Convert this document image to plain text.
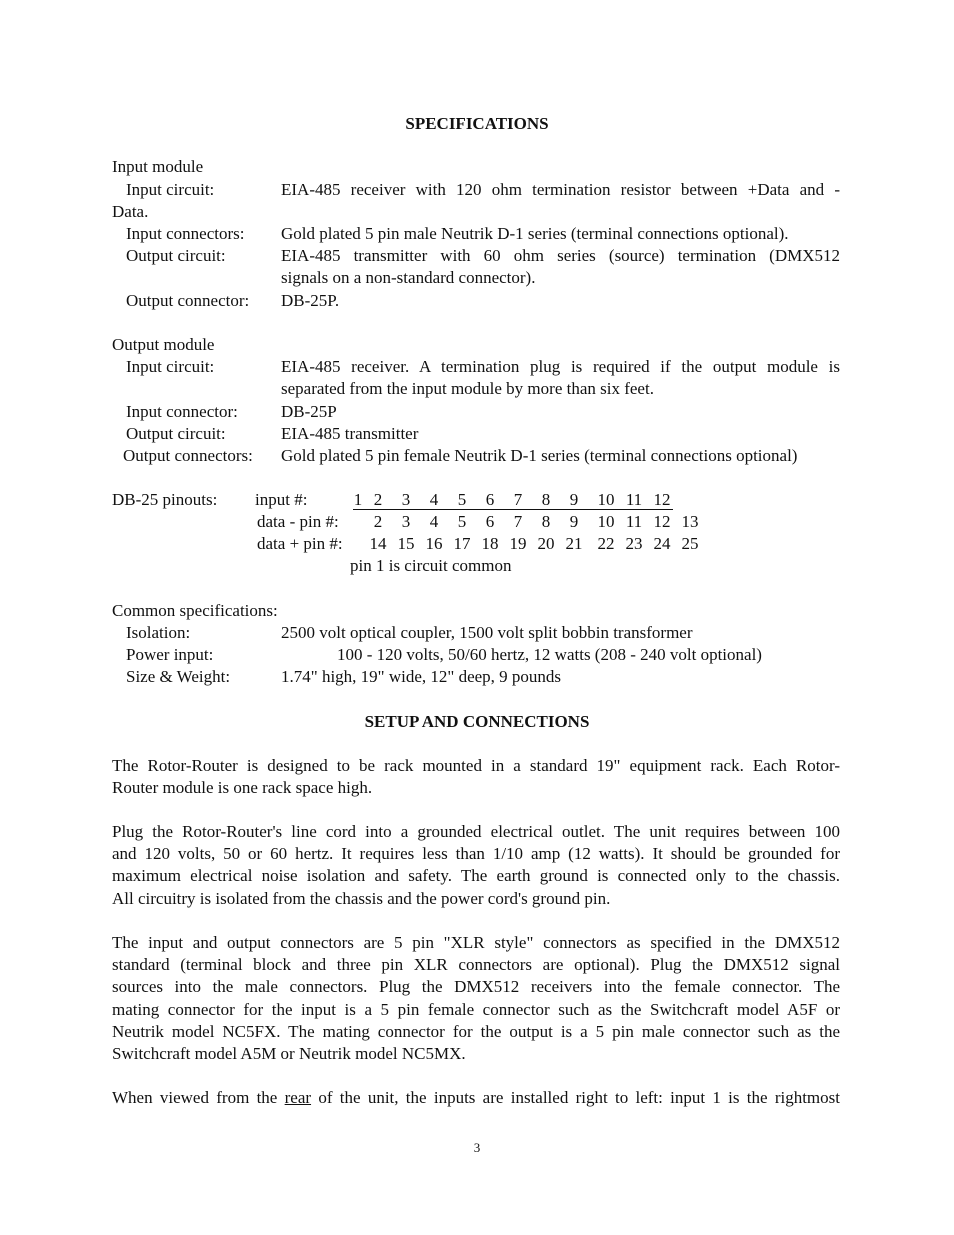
SPECIFICATIONS
Input module
Input circuit:	EIA-485 receiver with 120 ohm termination resistor between +Data and -
Data.
Input connectors: Gold plated 5 pin male Neutrik D-1 series (terminal connections optional).
Output circuit:	EIA-485 transmitter with 60 ohm series (source) termination (DMX512
signals on a non-standard connector).
Output connector: DB-25P.
Output module
Input circuit:	EIA-485 receiver. A termination plug is required if the output module is
separated from the input module by more than six feet.
Input connector:	DB-25P
Output circuit:	EIA-485 transmitter
Output connectors: Gold plated 5 pin female Neutrik D-1 series (terminal connections optional)
DB-25 pinouts: input #:	1 2 3 4 5 6 7 8 9 10 11 12
data - pin #: 2 3 4 5 6 7 8 9 10 11 12 13
data + pin #: 14 15 16 17 18 19 20 21 22 23 24 25
pin 1 is circuit common
Common specifications:
Isolation:	2500 volt optical coupler, 1500 volt split bobbin transformer
Power input:	100 - 120 volts, 50/60 hertz, 12 watts (208 - 240 volt optional)
Size & Weight:	1.74" high, 19" wide, 12" deep, 9 pounds
SETUP AND CONNECTIONS
The Rotor-Router is designed to be rack mounted in a standard 19" equipment rack. Each Rotor-
Router module is one rack space high.
Plug the Rotor-Router's line cord into a grounded electrical outlet. The unit requires between 100
and 120 volts, 50 or 60 hertz. It requires less than 1/10 amp (12 watts). It should be grounded for
maximum electrical noise isolation and safety. The earth ground is connected only to the chassis.
All circuitry is isolated from the chassis and the power cord's ground pin.
The input and output connectors are 5 pin "XLR style" connectors as specified in the DMX512
standard (terminal block and three pin XLR connectors are optional). Plug the DMX512 signal
sources into the male connectors. Plug the DMX512 receivers into the female connector. The
mating connector for the input is a 5 pin female connector such as the Switchcraft model A5F or
Neutrik model NC5FX. The mating connector for the output is a 5 pin male connector such as the
Switchcraft model A5M or Neutrik model NC5MX.
When viewed from the rear of the unit, the inputs are installed right to left: input 1 is the rightmost
3
